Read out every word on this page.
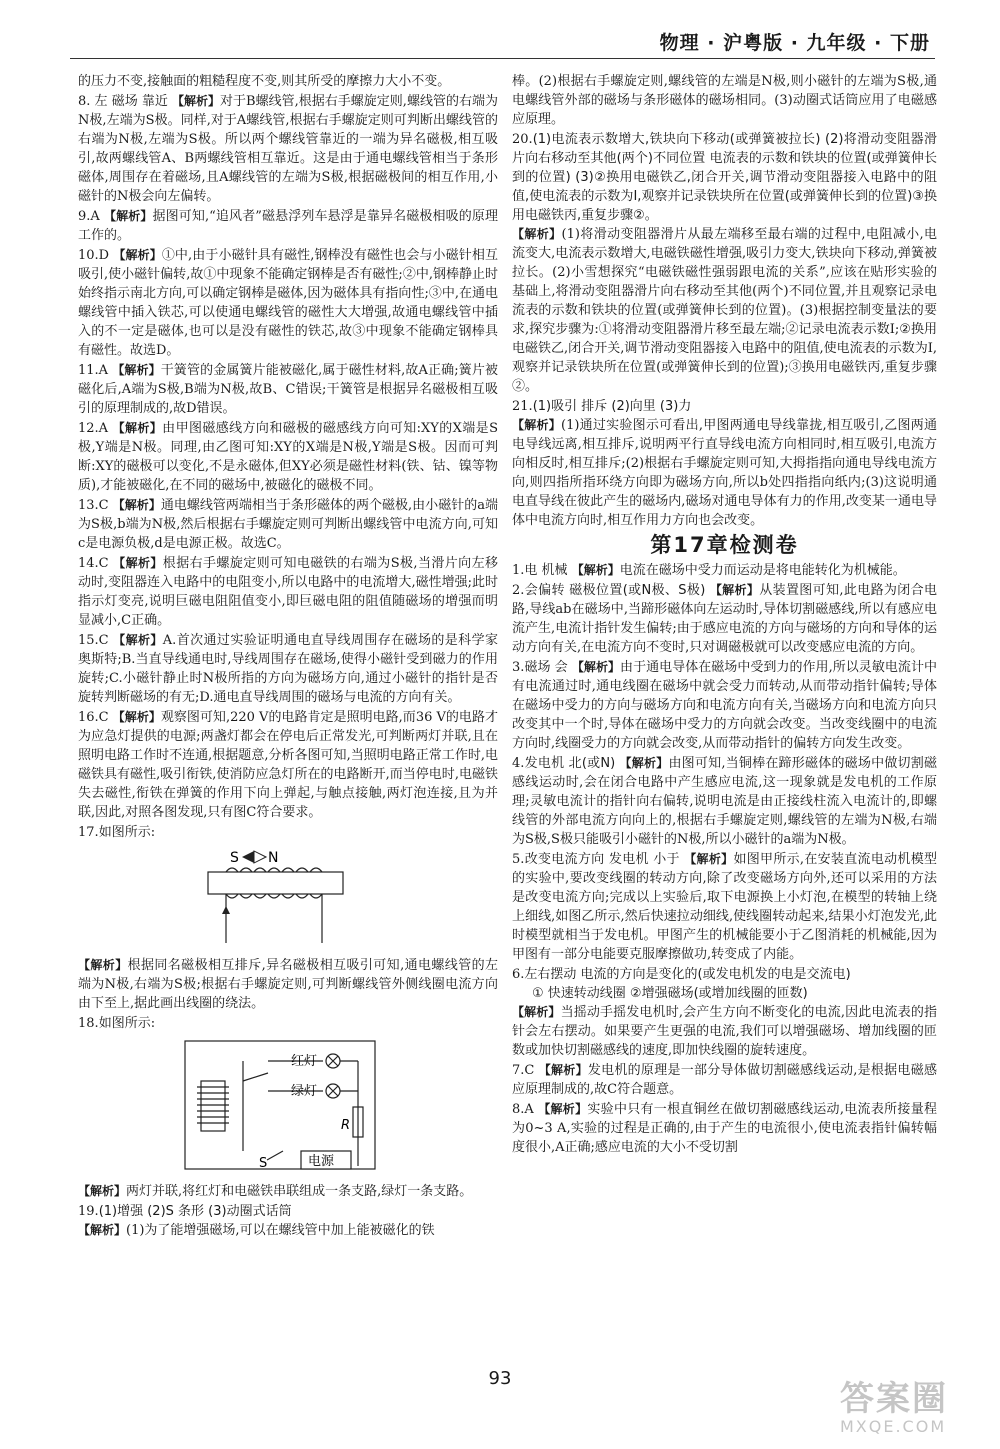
物理 · 沪粤版 · 九年级 · 下册
的压力不变,接触面的粗糙程度不变,则其所受的摩擦力大小不变。
8. 左 磁场 靠近 【解析】对于B螺线管,根据右手螺旋定则,螺线管的右端为N极,左端为S极。同样,对于A螺线管,根据右手螺旋定则可判断出螺线管的右端为N极,左端为S极。所以两个螺线管靠近的一端为异名磁极,相互吸引,故两螺线管A、B两螺线管相互靠近。这是由于通电螺线管相当于条形磁体,周围存在着磁场,且A螺线管的左端为S极,根据磁极间的相互作用,小磁针的N极会向左偏转。
9.A 【解析】据图可知,“追风者”磁悬浮列车悬浮是靠异名磁极相吸的原理工作的。
10.D 【解析】①中,由于小磁针具有磁性,钢棒没有磁性也会与小磁针相互吸引,使小磁针偏转,故①中现象不能确定钢棒是否有磁性;②中,钢棒静止时始终指示南北方向,可以确定钢棒是磁体,因为磁体具有指向性;③中,在通电螺线管中插入铁芯,可以使通电螺线管的磁性大大增强,故通电螺线管中插入的不一定是磁体,也可以是没有磁性的铁芯,故③中现象不能确定钢棒具有磁性。故选D。
11.A 【解析】干簧管的金属簧片能被磁化,属于磁性材料,故A正确;簧片被磁化后,A端为S极,B端为N极,故B、C错误;干簧管是根据异名磁极相互吸引的原理制成的,故D错误。
12.A 【解析】由甲图磁感线方向和磁极的磁感线方向可知:XY的X端是S极,Y端是N极。同理,由乙图可知:XY的X端是N极,Y端是S极。因而可判断:XY的磁极可以变化,不是永磁体,但XY必须是磁性材料(铁、钴、镍等物质),才能被磁化,在不同的磁场中,被磁化的磁极不同。
13.C 【解析】通电螺线管两端相当于条形磁体的两个磁极,由小磁针的a端为S极,b端为N极,然后根据右手螺旋定则可判断出螺线管中电流方向,可知c是电源负极,d是电源正极。故选C。
14.C 【解析】根据右手螺旋定则可知电磁铁的右端为S极,当滑片向左移动时,变阻器连入电路中的电阻变小,所以电路中的电流增大,磁性增强;此时指示灯变亮,说明巨磁电阻阻值变小,即巨磁电阻的阻值随磁场的增强而明显减小,C正确。
15.C 【解析】A.首次通过实验证明通电直导线周围存在磁场的是科学家奥斯特;B.当直导线通电时,导线周围存在磁场,使得小磁针受到磁力的作用旋转;C.小磁针静止时N极所指的方向为磁场方向,通过小磁针的指针是否旋转判断磁场的有无;D.通电直导线周围的磁场与电流的方向有关。
16.C 【解析】观察图可知,220 V的电路肯定是照明电路,而36 V的电路才为应急灯提供的电源;两盏灯都会在停电后正常发光,可判断两灯并联,且在照明电路工作时不连通,根据题意,分析各图可知,当照明电路正常工作时,电磁铁具有磁性,吸引衔铁,使消防应急灯所在的电路断开,而当停电时,电磁铁失去磁性,衔铁在弹簧的作用下向上弹起,与触点接触,两灯泡连接,且为并联,因此,对照各图发现,只有图C符合要求。
17.如图所示:
S N
【解析】根据同名磁极相互排斥,异名磁极相互吸引可知,通电螺线管的左端为N极,右端为S极;根据右手螺旋定则,可判断螺线管外侧线圈电流方向由下至上,据此画出线圈的绕法。
18.如图所示:
红灯
绿灯
R
S	电源
【解析】两灯并联,将红灯和电磁铁串联组成一条支路,绿灯一条支路。
19.(1)增强 (2)S 条形 (3)动圈式话筒
【解析】(1)为了能增强磁场,可以在螺线管中加上能被磁化的铁
棒。(2)根据右手螺旋定则,螺线管的左端是N极,则小磁针的左端为S极,通电螺线管外部的磁场与条形磁体的磁场相同。(3)动圈式话筒应用了电磁感应原理。
20.(1)电流表示数增大,铁块向下移动(或弹簧被拉长) (2)将滑动变阻器滑片向右移动至其他(两个)不同位置 电流表的示数和铁块的位置(或弹簧伸长到的位置) (3)②换用电磁铁乙,闭合开关,调节滑动变阻器接入电路中的阻值,使电流表的示数为I,观察并记录铁块所在位置(或弹簧伸长到的位置)③换用电磁铁丙,重复步骤②。
【解析】(1)将滑动变阻器滑片从最左端移至最右端的过程中,电阻减小,电流变大,电流表示数增大,电磁铁磁性增强,吸引力变大,铁块向下移动,弹簧被拉长。(2)小雪想探究“电磁铁磁性强弱跟电流的关系”,应该在贴形实验的基础上,将滑动变阻器滑片向右移动至其他(两个)不同位置,并且观察记录电流表的示数和铁块的位置(或弹簧伸长到的位置)。(3)根据控制变量法的要求,探究步骤为:①将滑动变阻器滑片移至最左端;②记录电流表示数I;②换用电磁铁乙,闭合开关,调节滑动变阻器接入电路中的阻值,使电流表的示数为I,观察并记录铁块所在位置(或弹簧伸长到的位置);③换用电磁铁丙,重复步骤②。
21.(1)吸引 排斥 (2)向里 (3)力
【解析】(1)通过实验图示可看出,甲图两通电导线靠拢,相互吸引,乙图两通电导线远离,相互排斥,说明两平行直导线电流方向相同时,相互吸引,电流方向相反时,相互排斥;(2)根据右手螺旋定则可知,大拇指指向通电导线电流方向,则四指所指环绕方向即为磁场方向,所以b处四指指向纸内;(3)这说明通电直导线在彼此产生的磁场内,磁场对通电导体有力的作用,改变某一通电导体中电流方向时,相互作用力方向也会改变。
第17章检测卷
1.电 机械 【解析】电流在磁场中受力而运动是将电能转化为机械能。
2.会偏转 磁极位置(或N极、S极) 【解析】从装置图可知,此电路为闭合电路,导线ab在磁场中,当蹄形磁体向左运动时,导体切割磁感线,所以有感应电流产生,电流计指针发生偏转;由于感应电流的方向与磁场的方向和导体的运动方向有关,在电流方向不变时,只对调磁极就可以改变感应电流的方向。
3.磁场 会 【解析】由于通电导体在磁场中受到力的作用,所以灵敏电流计中有电流通过时,通电线圈在磁场中就会受力而转动,从而带动指针偏转;导体在磁场中受力的方向与磁场方向和电流方向有关,当磁场方向和电流方向只改变其中一个时,导体在磁场中受力的方向就会改变。当改变线圈中的电流方向时,线圈受力的方向就会改变,从而带动指针的偏转方向发生改变。
4.发电机 北(或N) 【解析】由图可知,当铜棒在蹄形磁体的磁场中做切割磁感线运动时,会在闭合电路中产生感应电流,这一现象就是发电机的工作原理;灵敏电流计的指针向右偏转,说明电流是由正接线柱流入电流计的,即螺线管的外部电流方向向上的,根据右手螺旋定则,螺线管的左端为N极,右端为S极,S极只能吸引小磁针的N极,所以小磁针的a端为N极。
5.改变电流方向 发电机 小于 【解析】如图甲所示,在安装直流电动机模型的实验中,要改变线圈的转动方向,除了改变磁场方向外,还可以采用的方法是改变电流方向;完成以上实验后,取下电源换上小灯泡,在模型的转轴上绕上细线,如图乙所示,然后快速拉动细线,使线圈转动起来,结果小灯泡发光,此时模型就相当于发电机。甲图产生的机械能要小于乙图消耗的机械能,因为甲图有一部分电能要克服摩擦做功,转变成了内能。
6.左右摆动 电流的方向是变化的(或发电机发的电是交流电)
① 快速转动线圈 ②增强磁场(或增加线圈的匝数)
【解析】当摇动手摇发电机时,会产生方向不断变化的电流,因此电流表的指针会左右摆动。如果要产生更强的电流,我们可以增强磁场、增加线圈的匝数或加快切割磁感线的速度,即加快线圈的旋转速度。
7.C 【解析】发电机的原理是一部分导体做切割磁感线运动,是根据电磁感应原理制成的,故C符合题意。
8.A 【解析】实验中只有一根直铜丝在做切割磁感线运动,电流表所接量程为0~3 A,实验的过程是正确的,由于产生的电流很小,使电流表指针偏转幅度很小,A正确;感应电流的大小不受切割
93
答案圈
MXQE.COM
